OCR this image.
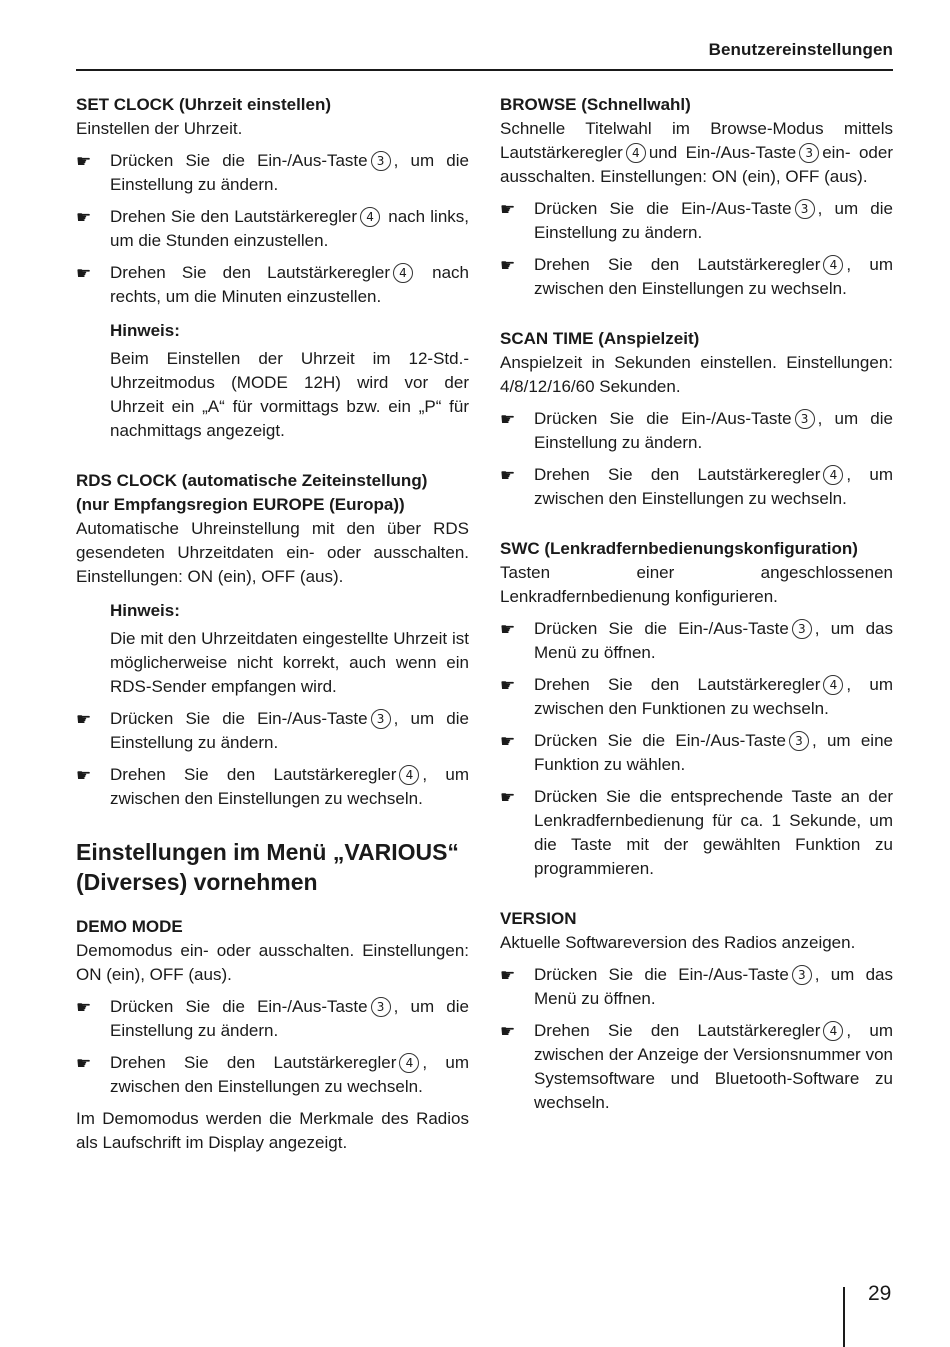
Benutzereinstellungen

SET CLOCK (Uhrzeit einstellen)

Einstellen der Uhrzeit.

☛ Drücken Sie die Ein-/Aus-Taste 3 , um die Einstellung zu ändern.
☛ Drehen Sie den Lautstärkeregler 4 nach links, um die Stunden einzustellen.
☛ Drehen Sie den Lautstärkeregler 4 nach rechts, um die Minuten einzustellen.
Hinweis:

Beim Einstellen der Uhrzeit im 12-Std.-Uhrzeitmodus (MODE 12H) wird vor der Uhrzeit ein „A“ für vormittags bzw. ein „P“ für nachmittags angezeigt.

RDS CLOCK (automatische Zeiteinstellung)

(nur Empfangsregion EUROPE (Europa))

Automatische Uhreinstellung mit den über RDS gesendeten Uhrzeitdaten ein- oder ausschalten. Einstellungen: ON (ein), OFF (aus).

Hinweis:

Die mit den Uhrzeitdaten eingestellte Uhrzeit ist möglicherweise nicht korrekt, auch wenn ein RDS-Sender empfangen wird.

☛ Drücken Sie die Ein-/Aus-Taste 3 , um die Einstellung zu ändern.
☛ Drehen Sie den Lautstärkeregler 4 , um zwischen den Einstellungen zu wechseln.

Einstellungen im Menü „VARIOUS“

(Diverses) vornehmen

DEMO MODE

Demomodus ein- oder ausschalten. Einstellungen: ON (ein), OFF (aus).

☛ Drücken Sie die Ein-/Aus-Taste 3 , um die Einstellung zu ändern.
☛ Drehen Sie den Lautstärkeregler 4 , um zwischen den Einstellungen zu wechseln.

Im Demomodus werden die Merkmale des Radios als Laufschrift im Display angezeigt.

BROWSE (Schnellwahl)

Schnelle Titelwahl im Browse-Modus mittels Lautstärkeregler 4 und Ein-/Aus-Taste 3 ein- oder ausschalten. Einstellungen: ON (ein), OFF (aus).

☛ Drücken Sie die Ein-/Aus-Taste 3 , um die Einstellung zu ändern.
☛ Drehen Sie den Lautstärkeregler 4 , um zwischen den Einstellungen zu wechseln.

SCAN TIME (Anspielzeit)

Anspielzeit in Sekunden einstellen. Einstellungen: 4/8/12/16/60 Sekunden.

☛ Drücken Sie die Ein-/Aus-Taste 3 , um die Einstellung zu ändern.
☛ Drehen Sie den Lautstärkeregler 4 , um zwischen den Einstellungen zu wechseln.

SWC (Lenkradfernbedienungskonfiguration)

Tasten einer angeschlossenen Lenkradfernbedienung konfigurieren.

☛ Drücken Sie die Ein-/Aus-Taste 3 , um das Menü zu öffnen.
☛ Drehen Sie den Lautstärkeregler 4 , um zwischen den Funktionen zu wechseln.
☛ Drücken Sie die Ein-/Aus-Taste 3 , um eine Funktion zu wählen.
☛ Drücken Sie die entsprechende Taste an der Lenkradfernbedienung für ca. 1 Sekunde, um die Taste mit der gewählten Funktion zu programmieren.

VERSION

Aktuelle Softwareversion des Radios anzeigen.

☛ Drücken Sie die Ein-/Aus-Taste 3 , um das Menü zu öffnen.
☛ Drehen Sie den Lautstärkeregler 4 , um zwischen der Anzeige der Versionsnummer von Systemsoftware und Bluetooth-Software zu wechseln.
29
